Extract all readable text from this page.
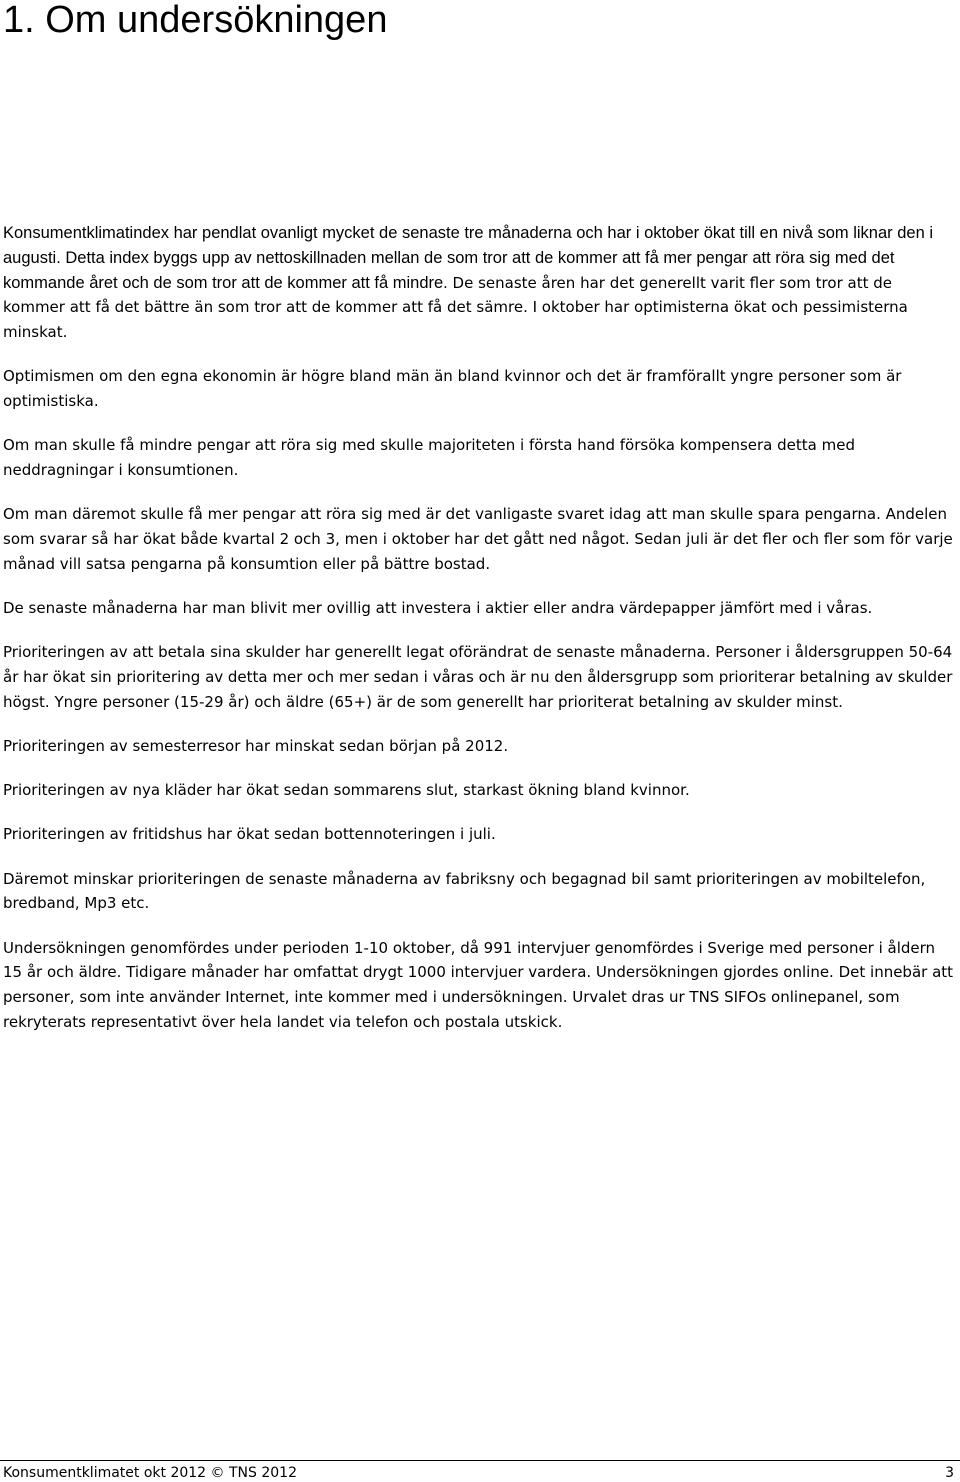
1. Om undersökningen

Konsumentklimatindex har pendlat ovanligt mycket de senaste tre månaderna och har i oktober ökat till en nivå som liknar den i augusti. Detta index byggs upp av nettoskillnaden mellan de som tror att de kommer att få mer pengar att röra sig med det kommande året och de som tror att de kommer att få mindre. De senaste åren har det generellt varit fler som tror att de kommer att få det bättre än som tror att de kommer att få det sämre. I oktober har optimisterna ökat och pessimisterna minskat.

Optimismen om den egna ekonomin är högre bland män än bland kvinnor och det är framförallt yngre personer som är optimistiska.

Om man skulle få mindre pengar att röra sig med skulle majoriteten i första hand försöka kompensera detta med neddragningar i konsumtionen.

Om man däremot skulle få mer pengar att röra sig med är det vanligaste svaret idag att man skulle spara pengarna. Andelen som svarar så har ökat både kvartal 2 och 3, men i oktober har det gått ned något. Sedan juli är det fler och fler som för varje månad vill satsa pengarna på konsumtion eller på bättre bostad.

De senaste månaderna har man blivit mer ovillig att investera i aktier eller andra värdepapper jämfört med i våras.

Prioriteringen av att betala sina skulder har generellt legat oförändrat de senaste månaderna. Personer i åldersgruppen 50-64 år har ökat sin prioritering av detta mer och mer sedan i våras och är nu den åldersgrupp som prioriterar betalning av skulder högst. Yngre personer (15-29 år) och äldre (65+) är de som generellt har prioriterat betalning av skulder minst.

Prioriteringen av semesterresor har minskat sedan början på 2012.

Prioriteringen av nya kläder har ökat sedan sommarens slut, starkast ökning bland kvinnor.

Prioriteringen av fritidshus har ökat sedan bottennoteringen i juli.

Däremot minskar prioriteringen de senaste månaderna av fabriksny och begagnad bil samt prioriteringen av mobiltelefon, bredband, Mp3 etc.

Undersökningen genomfördes under perioden 1-10 oktober, då 991 intervjuer genomfördes i Sverige med personer i åldern 15 år och äldre. Tidigare månader har omfattat drygt 1000 intervjuer vardera. Undersökningen gjordes online. Det innebär att personer, som inte använder Internet, inte kommer med i undersökningen. Urvalet dras ur TNS SIFOs onlinepanel, som rekryterats representativt över hela landet via telefon och postala utskick.

Konsumentklimatet okt 2012 © TNS 2012	3
